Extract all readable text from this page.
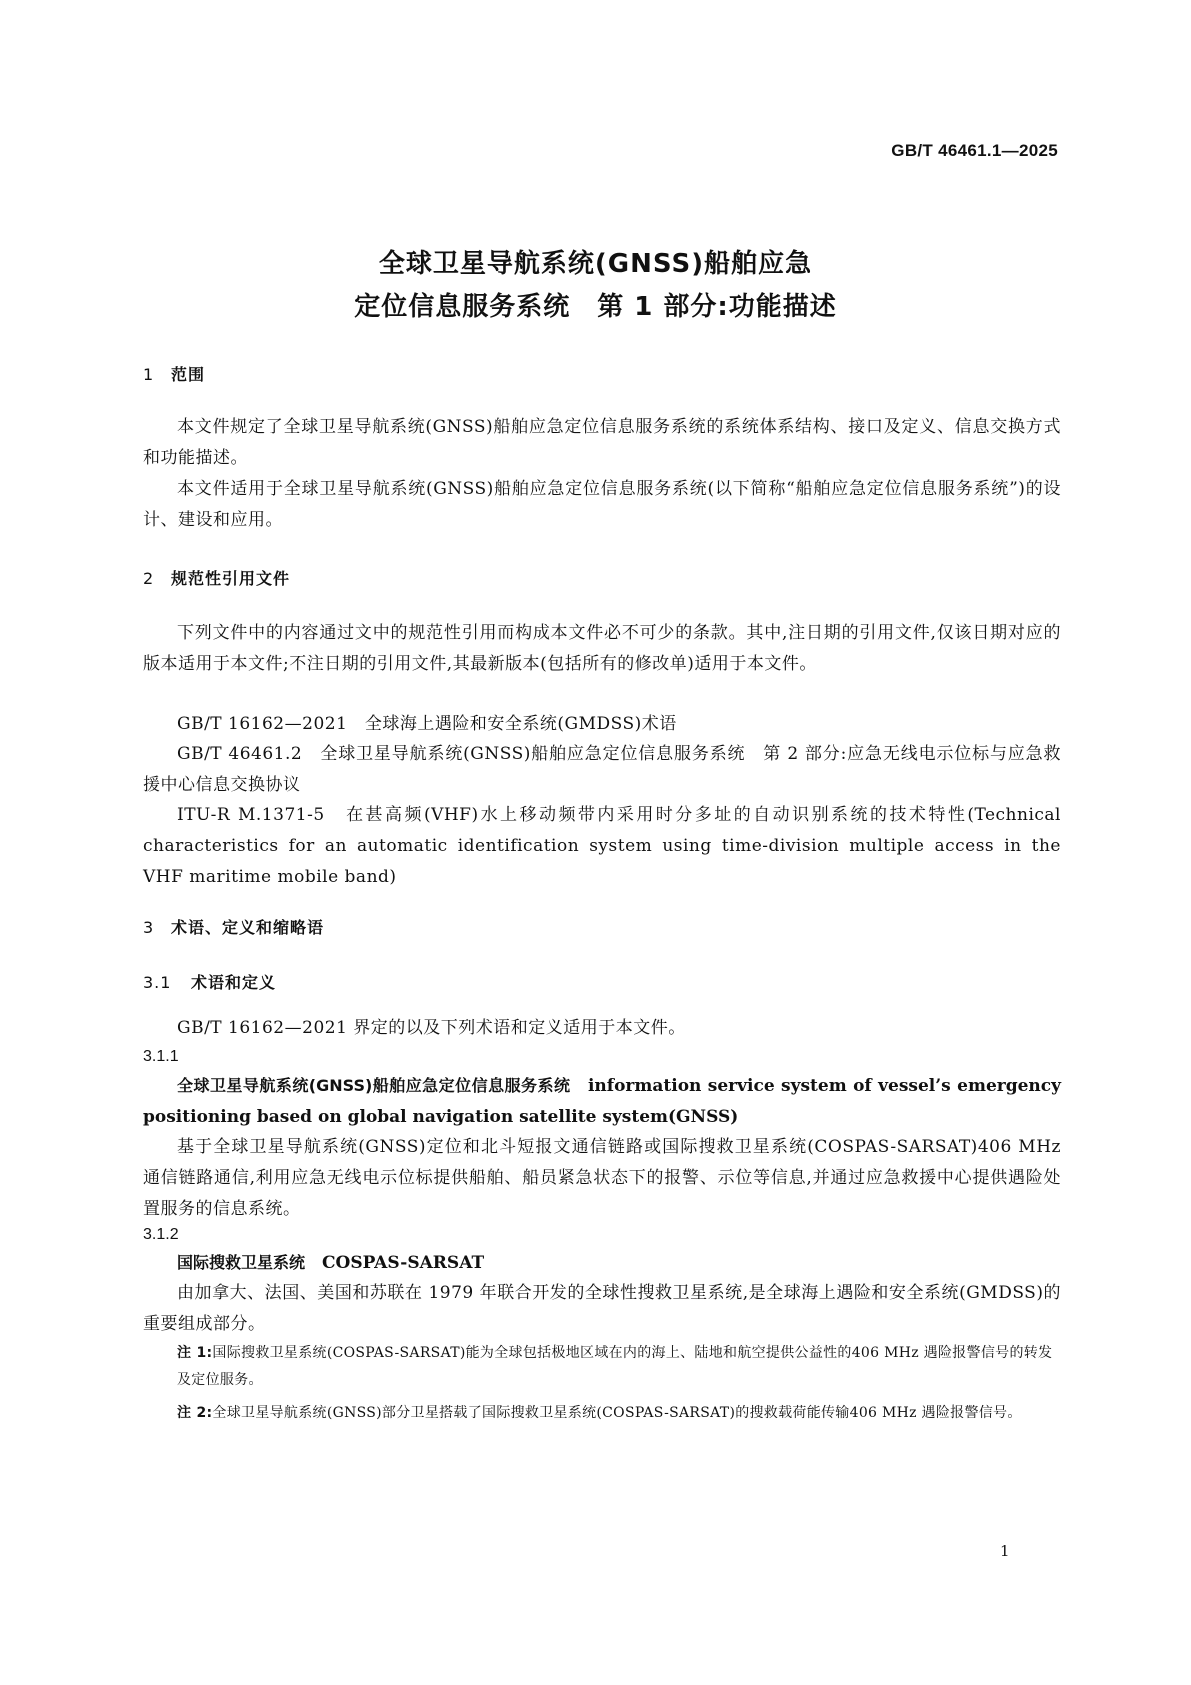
GB/T 46461.1—2025
全球卫星导航系统(GNSS)船舶应急
定位信息服务系统　第 1 部分:功能描述
1 范围
本文件规定了全球卫星导航系统(GNSS)船舶应急定位信息服务系统的系统体系结构、接口及定义、信息交换方式和功能描述。
本文件适用于全球卫星导航系统(GNSS)船舶应急定位信息服务系统(以下简称“船舶应急定位信息服务系统”)的设计、建设和应用。
2 规范性引用文件
下列文件中的内容通过文中的规范性引用而构成本文件必不可少的条款。其中,注日期的引用文件,仅该日期对应的版本适用于本文件;不注日期的引用文件,其最新版本(包括所有的修改单)适用于本文件。
GB/T 16162—2021　全球海上遇险和安全系统(GMDSS)术语
GB/T 46461.2　全球卫星导航系统(GNSS)船舶应急定位信息服务系统　第 2 部分:应急无线电示位标与应急救援中心信息交换协议
ITU-R M.1371-5　在甚高频(VHF)水上移动频带内采用时分多址的自动识别系统的技术特性(Technical characteristics for an automatic identification system using time-division multiple access in the VHF maritime mobile band)
3 术语、定义和缩略语
3.1 术语和定义
GB/T 16162—2021 界定的以及下列术语和定义适用于本文件。
3.1.1
全球卫星导航系统(GNSS)船舶应急定位信息服务系统　 information service system of vessel’s emergency positioning based on global navigation satellite system(GNSS)
基于全球卫星导航系统(GNSS)定位和北斗短报文通信链路或国际搜救卫星系统(COSPAS-SARSAT)406 MHz 通信链路通信,利用应急无线电示位标提供船舶、船员紧急状态下的报警、示位等信息,并通过应急救援中心提供遇险处置服务的信息系统。
3.1.2
国际搜救卫星系统　 COSPAS-SARSAT
由加拿大、法国、美国和苏联在 1979 年联合开发的全球性搜救卫星系统,是全球海上遇险和安全系统(GMDSS)的重要组成部分。
注 1:国际搜救卫星系统(COSPAS-SARSAT)能为全球包括极地区域在内的海上、陆地和航空提供公益性的406 MHz 遇险报警信号的转发及定位服务。
注 2:全球卫星导航系统(GNSS)部分卫星搭载了国际搜救卫星系统(COSPAS-SARSAT)的搜救载荷能传输406 MHz 遇险报警信号。
1
